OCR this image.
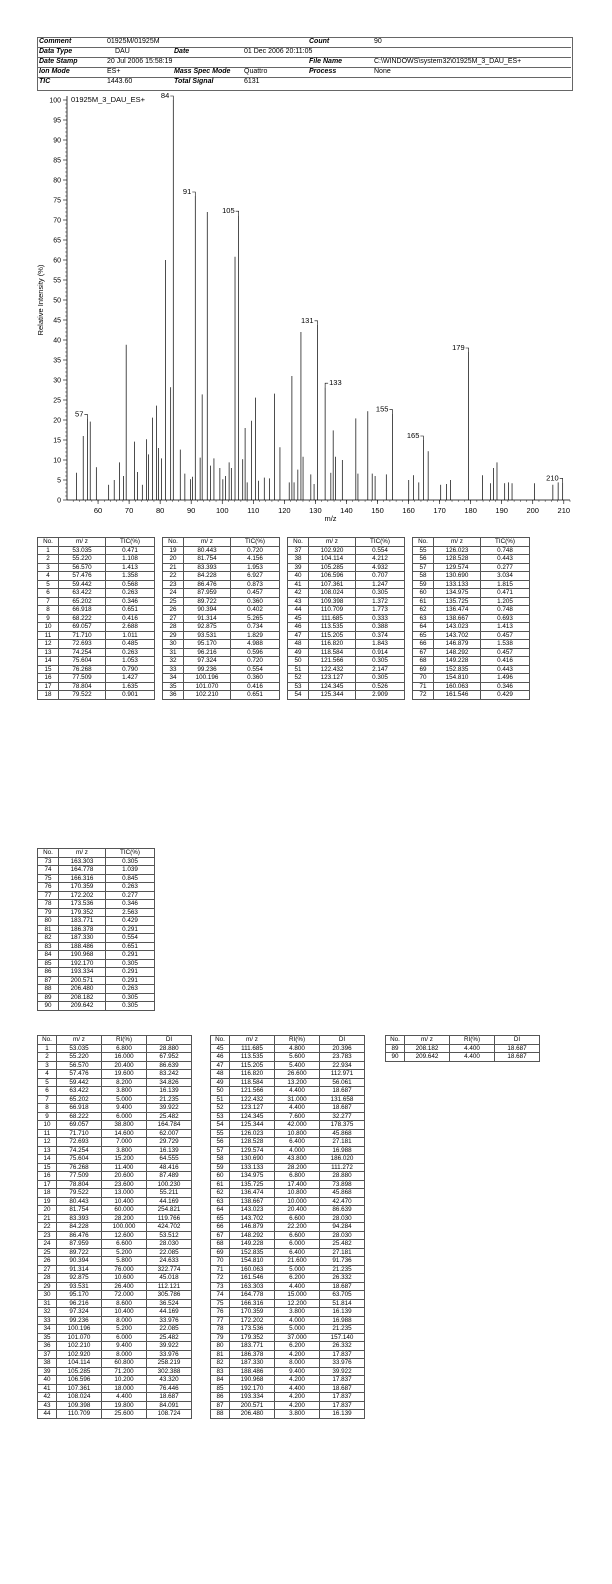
Comment	01925M/01925M	Count	90
Data Type	DAU	Date	01 Dec 2006 20:11:05
Date Stamp	20 Jul 2006 15:58:19	File Name	C:\WINDOWS\system32\01925M_3_DAU_ES+
Ion Mode	ES+	Mass Spec Mode Quattro	Process	None
TIC	1443.60	Total Signal	6131
0
5
10
15
20
25
30
35
40
45
50
55
60
65
70
75
80
85
90
95
100
60	70	80	90	100	110	120 130 140 150 160 170 180 190 200 210
m/z
Relative Intensity (%)
01925M_3_DAU_ES+
57
84
91
105
131
133
155
165
179
210
No.	m/ z	TIC(%)
1	53.035	0.471
2	55.220	1.108
3	56.570	1.413
4	57.476	1.358
5	59.442	0.568
6	63.422	0.263
7	65.202	0.346
8	66.918	0.651
9	68.222	0.416
10	69.057	2.688
11	71.710	1.011
12	72.693	0.485
13	74.254	0.263
14	75.604	1.053
15	76.268	0.790
16	77.509	1.427
17	78.804	1.635
18	79.522	0.901
No.	m/ z	TIC(%)
19	80.443	0.720
20	81.754	4.156
21	83.393	1.953
22	84.228	6.927
23	86.476	0.873
24	87.959	0.457
25	89.722	0.360
26	90.394	0.402
27	91.314	5.265
28	92.875	0.734
29	93.531	1.829
30	95.170	4.988
31	96.216	0.596
32	97.324	0.720
33	99.236	0.554
34	100.196	0.360
35	101.070	0.416
36	102.210	0.651
No.	m/ z	TIC(%)
37	102.920	0.554
38	104.114	4.212
39	105.285	4.932
40	106.596	0.707
41	107.361	1.247
42	108.024	0.305
43	109.398	1.372
44	110.709	1.773
45	111.685	0.333
46	113.535	0.388
47	115.205	0.374
48	116.820	1.843
49	118.584	0.914
50	121.566	0.305
51	122.432	2.147
52	123.127	0.305
53	124.345	0.526
54	125.344	2.909
No.	m/ z	TIC(%)
55	126.023	0.748
56	128.528	0.443
57	129.574	0.277
58	130.690	3.034
59	133.133	1.815
60	134.975	0.471
61	135.725	1.205
62	136.474	0.748
63	138.667	0.693
64	143.023	1.413
65	143.702	0.457
66	146.879	1.538
67	148.292	0.457
68	149.228	0.416
69	152.835	0.443
70	154.810	1.496
71	160.063	0.346
72	161.546	0.429
No.	m/ z	TIC(%)
73	163.303	0.305
74	164.778	1.039
75	166.316	0.845
76	170.359	0.263
77	172.202	0.277
78	173.536	0.346
79	179.352	2.563
80	183.771	0.429
81	186.378	0.291
82	187.330	0.554
83	188.486	0.651
84	190.968	0.291
85	192.170	0.305
86	193.334	0.291
87	200.571	0.291
88	206.480	0.263
89	208.182	0.305
90	209.642	0.305
No.	m/ z	RI(%)	DI
1	53.035	6.800	28.880
2	55.220	16.000	67.952
3	56.570	20.400	86.639
4	57.476	19.600	83.242
5	59.442	8.200	34.826
6	63.422	3.800	16.139
7	65.202	5.000	21.235
8	66.918	9.400	39.922
9	68.222	6.000	25.482
10	69.057	38.800	164.784
11	71.710	14.600	62.007
12	72.693	7.000	29.729
13	74.254	3.800	16.139
14	75.604	15.200	64.555
15	76.268	11.400	48.416
16	77.509	20.600	87.489
17	78.804	23.600	100.230
18	79.522	13.000	55.211
19	80.443	10.400	44.169
20	81.754	60.000	254.821
21	83.393	28.200	119.766
22	84.228	100.000	424.702
23	86.476	12.600	53.512
24	87.959	6.600	28.030
25	89.722	5.200	22.085
26	90.394	5.800	24.633
27	91.314	76.000	322.774
28	92.875	10.600	45.018
29	93.531	26.400	112.121
30	95.170	72.000	305.786
31	96.216	8.600	36.524
32	97.324	10.400	44.169
33	99.236	8.000	33.976
34	100.196	5.200	22.085
35	101.070	6.000	25.482
36	102.210	9.400	39.922
37	102.920	8.000	33.976
38	104.114	60.800	258.219
39	105.285	71.200	302.388
40	106.596	10.200	43.320
41	107.361	18.000	76.446
42	108.024	4.400	18.687
43	109.398	19.800	84.091
44	110.709	25.600	108.724
No.	m/ z	RI(%)	DI
45	111.685	4.800	20.396
46	113.535	5.600	23.783
47	115.205	5.400	22.934
48	116.820	26.600	112.971
49	118.584	13.200	56.061
50	121.566	4.400	18.687
51	122.432	31.000	131.658
52	123.127	4.400	18.687
53	124.345	7.600	32.277
54	125.344	42.000	178.375
55	126.023	10.800	45.868
56	128.528	6.400	27.181
57	129.574	4.000	16.988
58	130.690	43.800	186.020
59	133.133	28.200	111.272
60	134.975	6.800	28.880
61	135.725	17.400	73.898
62	136.474	10.800	45.868
63	138.667	10.000	42.470
64	143.023	20.400	86.639
65	143.702	6.600	28.030
66	146.879	22.200	94.284
67	148.292	6.600	28.030
68	149.228	6.000	25.482
69	152.835	6.400	27.181
70	154.810	21.600	91.736
71	160.063	5.000	21.235
72	161.546	6.200	26.332
73	163.303	4.400	18.687
74	164.778	15.000	63.705
75	166.316	12.200	51.814
76	170.359	3.800	16.139
77	172.202	4.000	16.988
78	173.536	5.000	21.235
79	179.352	37.000	157.140
80	183.771	6.200	26.332
81	186.378	4.200	17.837
82	187.330	8.000	33.976
83	188.486	9.400	39.922
84	190.968	4.200	17.837
85	192.170	4.400	18.687
86	193.334	4.200	17.837
87	200.571	4.200	17.837
88	206.480	3.800	16.139
No.	m/ z	RI(%)	DI
89	208.182	4.400	18.687
90	209.642	4.400	18.687
